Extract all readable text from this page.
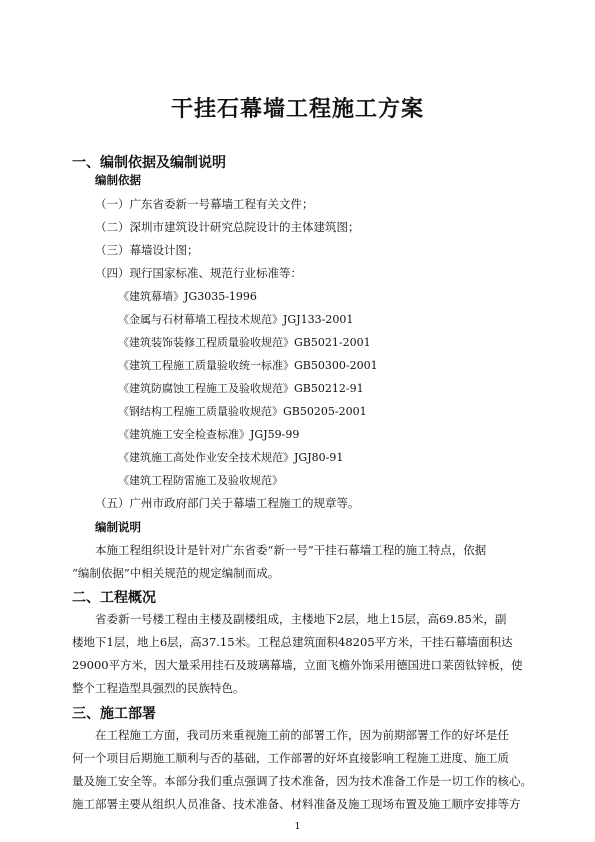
干挂石幕墙工程施工方案
一、编制依据及编制说明
编制依据
（一）广东省委新一号幕墙工程有关文件；
（二）深圳市建筑设计研究总院设计的主体建筑图；
（三）幕墙设计图；
（四）现行国家标准、规范行业标准等：
《建筑幕墙》JG3035-1996
《金属与石材幕墙工程技术规范》JGJ133-2001
《建筑装饰装修工程质量验收规范》GB5021-2001
《建筑工程施工质量验收统一标准》GB50300-2001
《建筑防腐蚀工程施工及验收规范》GB50212-91
《钢结构工程施工质量验收规范》GB50205-2001
《建筑施工安全检查标准》JGJ59-99
《建筑施工高处作业安全技术规范》JGJ80-91
《建筑工程防雷施工及验收规范》
（五）广州市政府部门关于幕墙工程施工的规章等。
编制说明
本施工程组织设计是针对广东省委“新一号”干挂石幕墙工程的施工特点，依据
“编制依据”中相关规范的规定编制而成。
二、工程概况
省委新一号楼工程由主楼及副楼组成，主楼地下2层，地上15层，高69.85米，副
楼地下1层，地上6层，高37.15米。工程总建筑面积48205平方米，干挂石幕墙面积达
29000平方米，因大量采用挂石及玻璃幕墙，立面飞檐外饰采用德国进口莱茵钛锌板，使
整个工程造型具强烈的民族特色。
三、施工部署
在工程施工方面，我司历来重视施工前的部署工作，因为前期部署工作的好坏是任
何一个项目后期施工顺利与否的基础，工作部署的好坏直接影响工程施工进度、施工质
量及施工安全等。本部分我们重点强调了技术准备，因为技术准备工作是一切工作的核心。
施工部署主要从组织人员准备、技术准备、材料准备及施工现场布置及施工顺序安排等方
1
